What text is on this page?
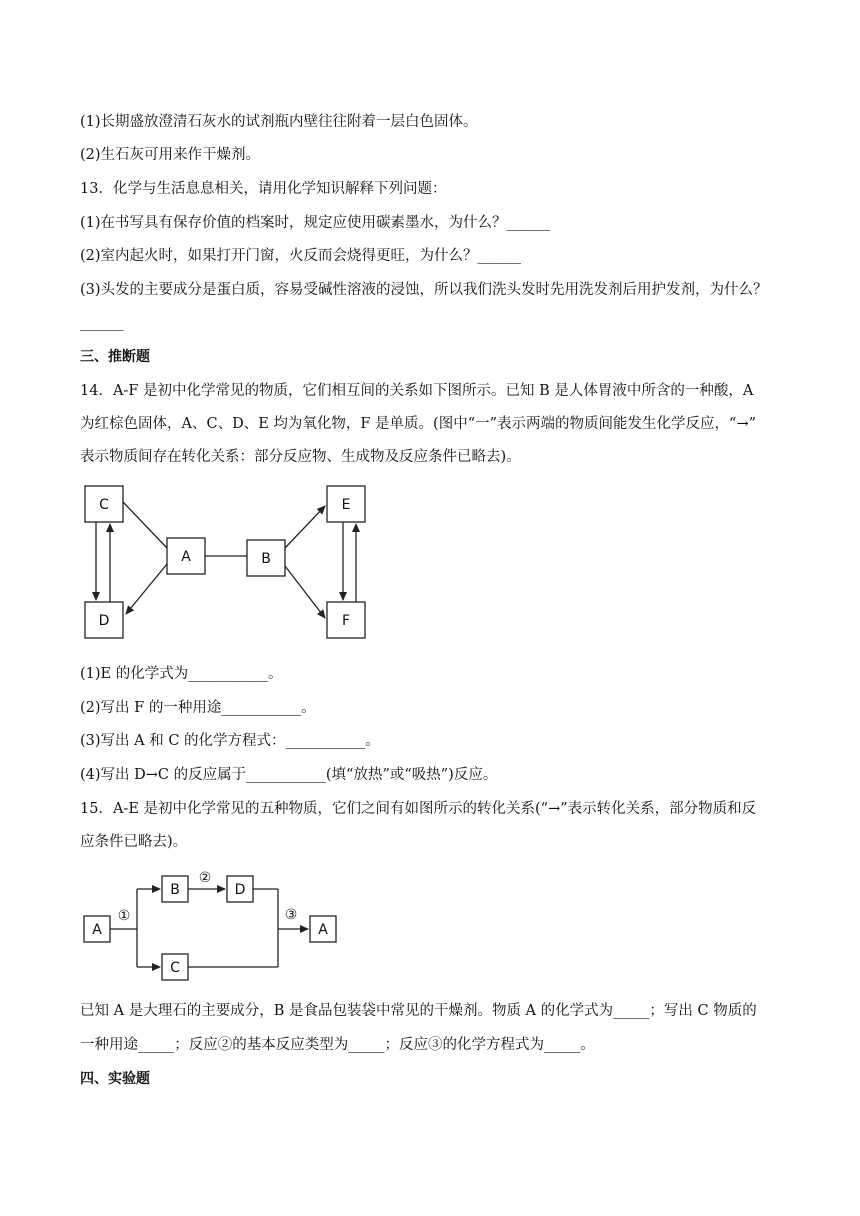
(1)长期盛放澄清石灰水的试剂瓶内壁往往附着一层白色固体。
(2)生石灰可用来作干燥剂。
13．化学与生活息息相关，请用化学知识解释下列问题：
(1)在书写具有保存价值的档案时，规定应使用碳素墨水，为什么？______
(2)室内起火时，如果打开门窗，火反而会烧得更旺，为什么？______
(3)头发的主要成分是蛋白质，容易受碱性溶液的浸蚀，所以我们洗头发时先用洗发剂后用护发剂，为什么？
______
三、推断题
14．A-F 是初中化学常见的物质，它们相互间的关系如下图所示。已知 B 是人体胃液中所含的一种酸，A
为红棕色固体，A、C、D、E 均为氧化物，F 是单质。(图中“一”表示两端的物质间能发生化学反应，“→”
表示物质间存在转化关系：部分反应物、生成物及反应条件已略去)。
C
D
A	B
E
F
(1)E 的化学式为___________。
(2)写出 F 的一种用途___________。
(3)写出 A 和 C 的化学方程式：___________。
(4)写出 D→C 的反应属于___________(填“放热”或“吸热”)反应。
15．A-E 是初中化学常见的五种物质，它们之间有如图所示的转化关系(“→”表示转化关系，部分物质和反
应条件已略去)。
A
B	D
C
A
①
②
③
已知 A 是大理石的主要成分，B 是食品包装袋中常见的干燥剂。物质 A 的化学式为_____；写出 C 物质的
一种用途_____；反应②的基本反应类型为_____；反应③的化学方程式为_____。
四、实验题
